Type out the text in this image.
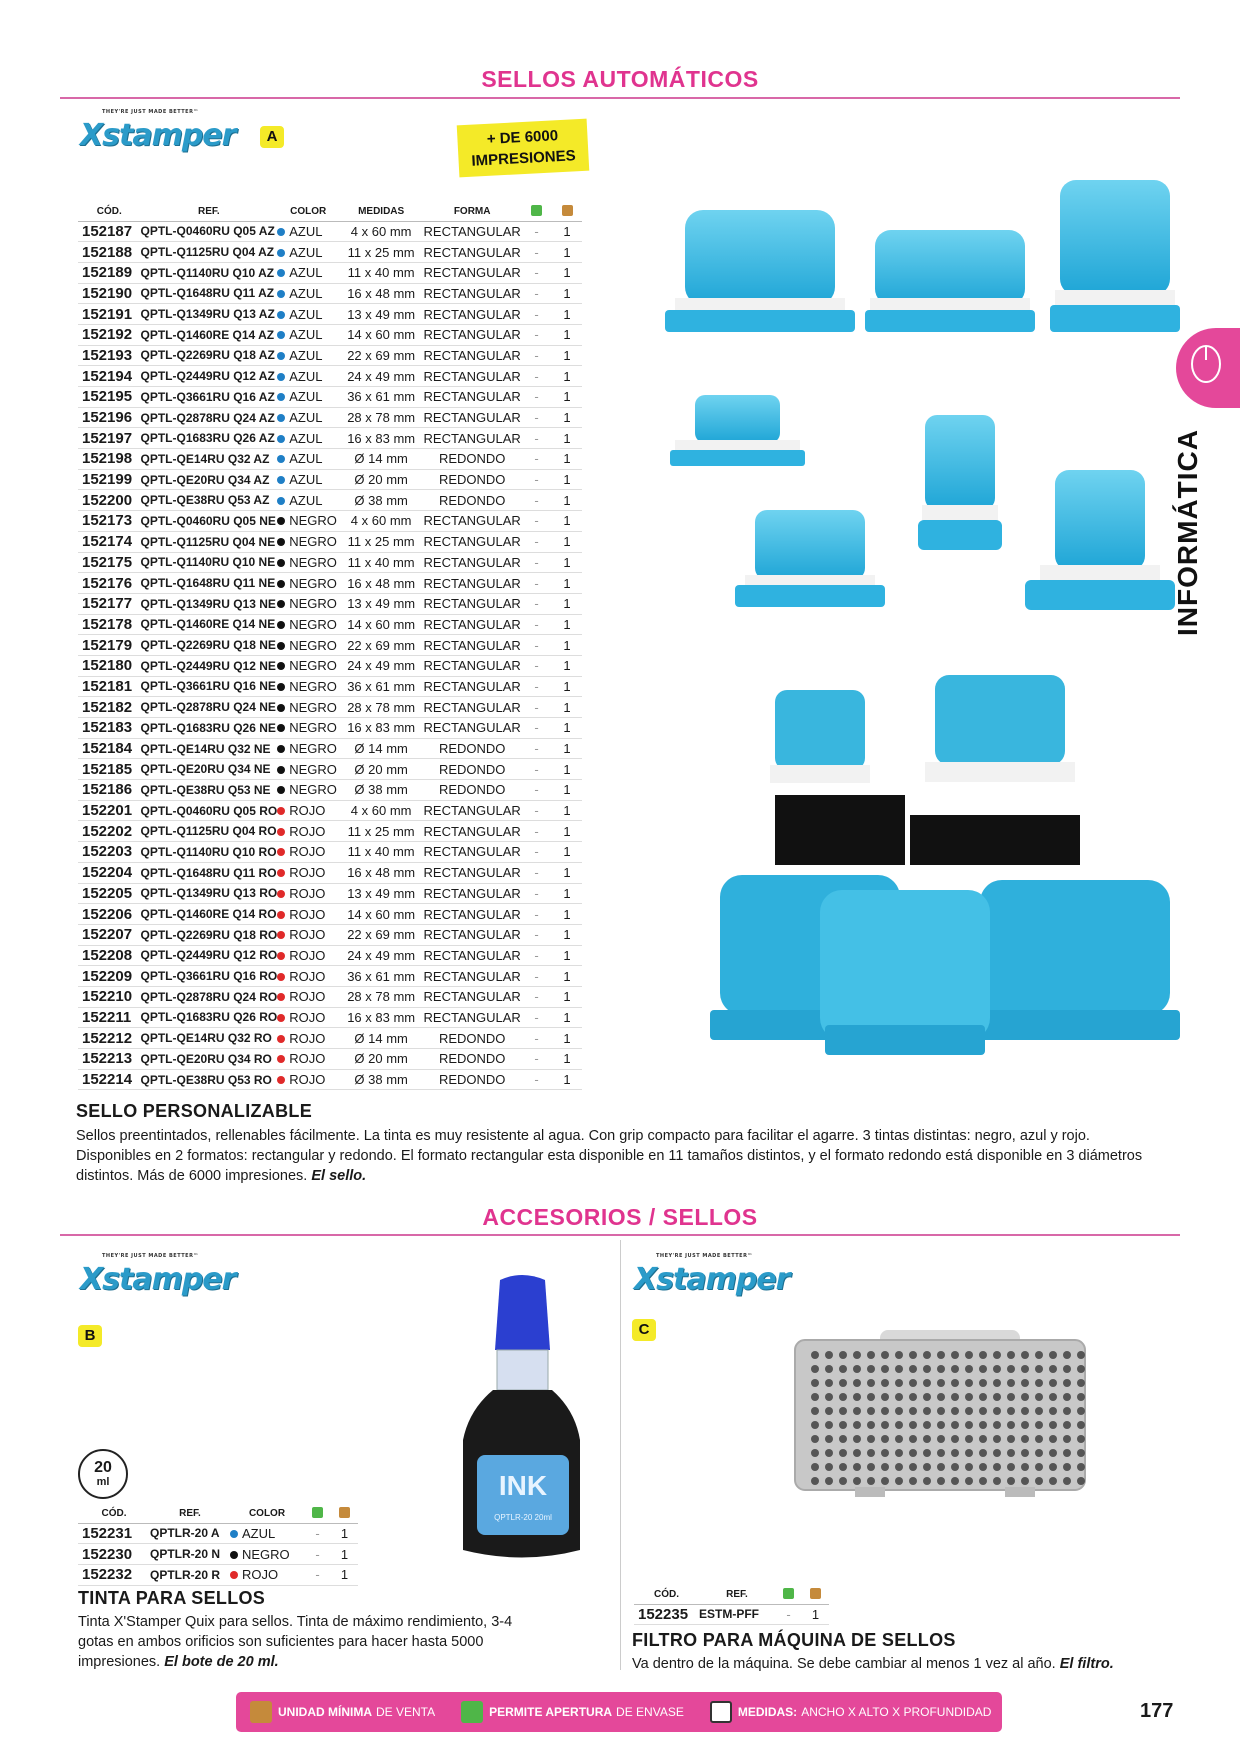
SELLOS AUTOMÁTICOS
THEY'RE JUST MADE BETTER™
Xstamper	A	+ DE 6000
IMPRESIONES
CÓD.	REF.	COLOR	MEDIDAS	FORMA		
152187	QPTL-Q0460RU Q05 AZ	AZUL	4 x 60 mm	RECTANGULAR	-	1
152188	QPTL-Q1125RU Q04 AZ	AZUL	11 x 25 mm	RECTANGULAR	-	1
152189	QPTL-Q1140RU Q10 AZ	AZUL	11 x 40 mm	RECTANGULAR	-	1
152190	QPTL-Q1648RU Q11 AZ	AZUL	16 x 48 mm	RECTANGULAR	-	1
152191	QPTL-Q1349RU Q13 AZ	AZUL	13 x 49 mm	RECTANGULAR	-	1
152192	QPTL-Q1460RE Q14 AZ	AZUL	14 x 60 mm	RECTANGULAR	-	1
152193	QPTL-Q2269RU Q18 AZ	AZUL	22 x 69 mm	RECTANGULAR	-	1
152194	QPTL-Q2449RU Q12 AZ	AZUL	24 x 49 mm	RECTANGULAR	-	1
152195	QPTL-Q3661RU Q16 AZ	AZUL	36 x 61 mm	RECTANGULAR	-	1
152196	QPTL-Q2878RU Q24 AZ	AZUL	28 x 78 mm	RECTANGULAR	-	1
152197	QPTL-Q1683RU Q26 AZ	AZUL	16 x 83 mm	RECTANGULAR	-	1
152198	QPTL-QE14RU Q32 AZ	AZUL	Ø 14 mm	REDONDO	-	1
152199	QPTL-QE20RU Q34 AZ	AZUL	Ø 20 mm	REDONDO	-	1
152200	QPTL-QE38RU Q53 AZ	AZUL	Ø 38 mm	REDONDO	-	1
152173	QPTL-Q0460RU Q05 NE	NEGRO	4 x 60 mm	RECTANGULAR	-	1
152174	QPTL-Q1125RU Q04 NE	NEGRO	11 x 25 mm	RECTANGULAR	-	1
152175	QPTL-Q1140RU Q10 NE	NEGRO	11 x 40 mm	RECTANGULAR	-	1
152176	QPTL-Q1648RU Q11 NE	NEGRO	16 x 48 mm	RECTANGULAR	-	1
152177	QPTL-Q1349RU Q13 NE	NEGRO	13 x 49 mm	RECTANGULAR	-	1
152178	QPTL-Q1460RE Q14 NE	NEGRO	14 x 60 mm	RECTANGULAR	-	1
152179	QPTL-Q2269RU Q18 NE	NEGRO	22 x 69 mm	RECTANGULAR	-	1
152180	QPTL-Q2449RU Q12 NE	NEGRO	24 x 49 mm	RECTANGULAR	-	1
152181	QPTL-Q3661RU Q16 NE	NEGRO	36 x 61 mm	RECTANGULAR	-	1
152182	QPTL-Q2878RU Q24 NE	NEGRO	28 x 78 mm	RECTANGULAR	-	1
152183	QPTL-Q1683RU Q26 NE	NEGRO	16 x 83 mm	RECTANGULAR	-	1
152184	QPTL-QE14RU Q32 NE	NEGRO	Ø 14 mm	REDONDO	-	1
152185	QPTL-QE20RU Q34 NE	NEGRO	Ø 20 mm	REDONDO	-	1
152186	QPTL-QE38RU Q53 NE	NEGRO	Ø 38 mm	REDONDO	-	1
152201	QPTL-Q0460RU Q05 RO	ROJO	4 x 60 mm	RECTANGULAR	-	1
152202	QPTL-Q1125RU Q04 RO	ROJO	11 x 25 mm	RECTANGULAR	-	1
152203	QPTL-Q1140RU Q10 RO	ROJO	11 x 40 mm	RECTANGULAR	-	1
152204	QPTL-Q1648RU Q11 RO	ROJO	16 x 48 mm	RECTANGULAR	-	1
152205	QPTL-Q1349RU Q13 RO	ROJO	13 x 49 mm	RECTANGULAR	-	1
152206	QPTL-Q1460RE Q14 RO	ROJO	14 x 60 mm	RECTANGULAR	-	1
152207	QPTL-Q2269RU Q18 RO	ROJO	22 x 69 mm	RECTANGULAR	-	1
152208	QPTL-Q2449RU Q12 RO	ROJO	24 x 49 mm	RECTANGULAR	-	1
152209	QPTL-Q3661RU Q16 RO	ROJO	36 x 61 mm	RECTANGULAR	-	1
152210	QPTL-Q2878RU Q24 RO	ROJO	28 x 78 mm	RECTANGULAR	-	1
152211	QPTL-Q1683RU Q26 RO	ROJO	16 x 83 mm	RECTANGULAR	-	1
152212	QPTL-QE14RU Q32 RO	ROJO	Ø 14 mm	REDONDO	-	1
152213	QPTL-QE20RU Q34 RO	ROJO	Ø 20 mm	REDONDO	-	1
152214	QPTL-QE38RU Q53 RO	ROJO	Ø 38 mm	REDONDO	-	1
INFORMÁTICA
SELLO PERSONALIZABLE
Sellos preentintados, rellenables fácilmente. La tinta es muy resistente al agua. Con grip compacto para facilitar el agarre. 3 tintas distintas: negro, azul y rojo. Disponibles en 2 formatos: rectangular y redondo. El formato rectangular esta disponible en 11 tamaños distintos, y el formato redondo está disponible en 3 diámetros distintos. Más de 6000 impresiones. El sello.
ACCESORIOS / SELLOS
THEY'RE JUST MADE BETTER™
Xstamper
B
20
ml	INK
QPTLR-20 20ml
CÓD.	REF.	COLOR		
152231	QPTLR-20 A	AZUL	-	1
152230	QPTLR-20 N	NEGRO	-	1
152232	QPTLR-20 R	ROJO	-	1
TINTA PARA SELLOS
Tinta X'Stamper Quix para sellos. Tinta de máximo rendimiento, 3-4 gotas en ambos orificios son suficientes para hacer hasta 5000 impresiones. El bote de 20 ml.
THEY'RE JUST MADE BETTER™
Xstamper
C
CÓD.	REF.		
152235	ESTM-PFF	-	1
FILTRO PARA MÁQUINA DE SELLOS
Va dentro de la máquina. Se debe cambiar al menos 1 vez al año. El filtro.
UNIDAD MÍNIMA DE VENTA	PERMITE APERTURA DE ENVASE	MEDIDAS: ANCHO X ALTO X PROFUNDIDAD	177
